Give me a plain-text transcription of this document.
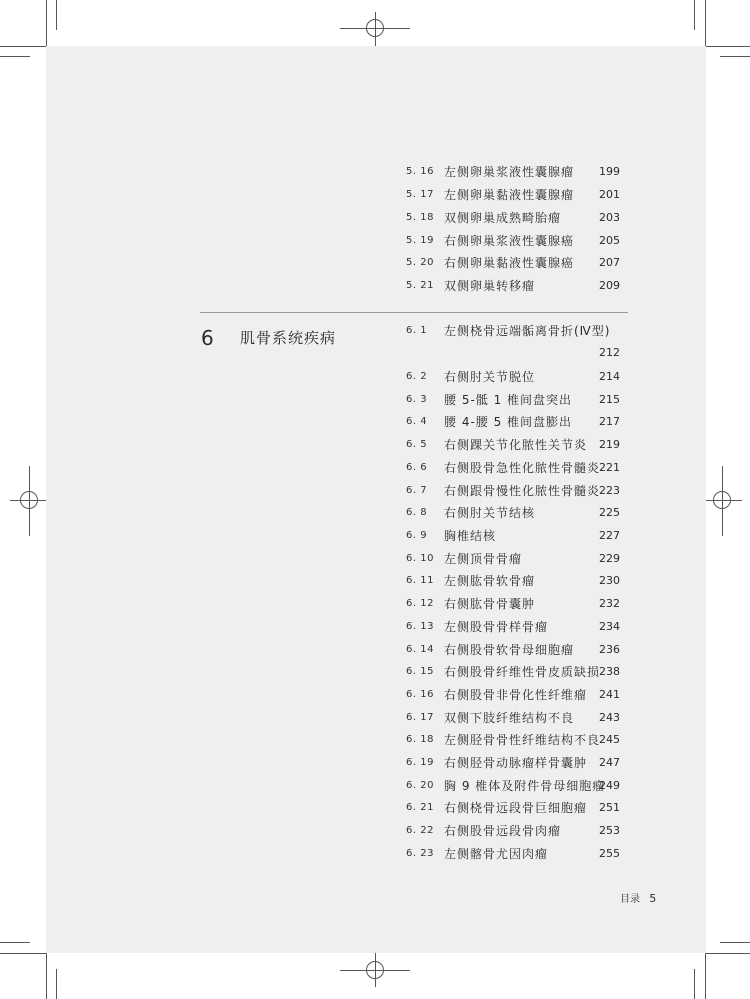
5. 16 左侧卵巢浆液性囊腺瘤 199
5. 17 左侧卵巢黏液性囊腺瘤 201
5. 18 双侧卵巢成熟畸胎瘤	203
5. 19 右侧卵巢浆液性囊腺癌 205
5. 20 右侧卵巢黏液性囊腺癌 207
5. 21 双侧卵巢转移瘤	209
6 肌骨系统疾病	6. 1 左侧桡骨远端骺离骨折(Ⅳ型)
212
6. 2 右侧肘关节脱位	214
6. 3 腰 5-骶 1 椎间盘突出 215
6. 4 腰 4-腰 5 椎间盘膨出 217
6. 5 右侧踝关节化脓性关节炎 219
6. 6 右侧股骨急性化脓性骨髓炎
221
6. 7 右侧跟骨慢性化脓性骨髓炎
223
6. 8 右侧肘关节结核	225
6. 9 胸椎结核	227
6. 10 左侧顶骨骨瘤	229
6. 11 左侧肱骨软骨瘤	230
6. 12 右侧肱骨骨囊肿	232
6. 13 左侧股骨骨样骨瘤	234
6. 14 右侧股骨软骨母细胞瘤 236
6. 15 右侧股骨纤维性骨皮质缺损
238
6. 16 右侧股骨非骨化性纤维瘤 241
6. 17 双侧下肢纤维结构不良 243
6. 18 左侧胫骨骨性纤维结构不良
245
6. 19 右侧胫骨动脉瘤样骨囊肿 247
6. 20 胸 9 椎体及附件骨母细胞瘤
249
6. 21 右侧桡骨远段骨巨细胞瘤 251
6. 22 右侧股骨远段骨肉瘤	253
6. 23 左侧髂骨尤因肉瘤	255
目录 5
